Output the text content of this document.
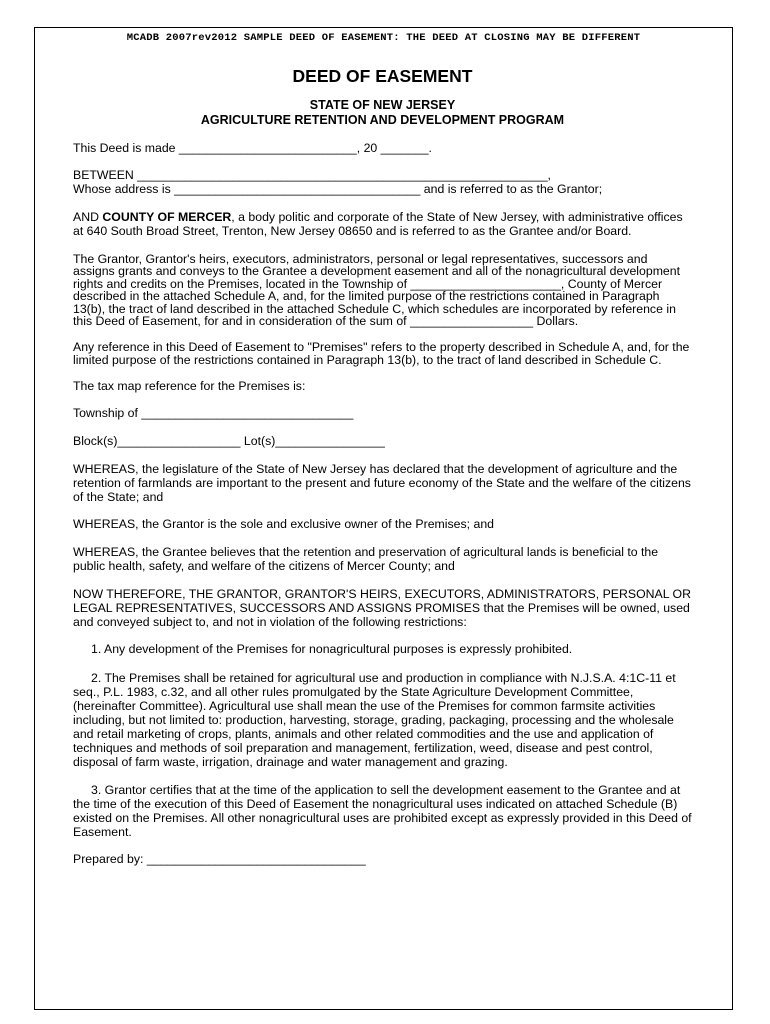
MCADB 2007rev2012 SAMPLE DEED OF EASEMENT: THE DEED AT CLOSING MAY BE DIFFERENT
DEED OF EASEMENT
STATE OF NEW JERSEY
AGRICULTURE RETENTION AND DEVELOPMENT PROGRAM

This Deed is made __________________________, 20 _______.

BETWEEN ____________________________________________________________,

Whose address is ____________________________________ and is referred to as the Grantor;

AND COUNTY OF MERCER, a body politic and corporate of the State of New Jersey, with administrative offices at 640 South Broad Street, Trenton, New Jersey 08650 and is referred to as the Grantee and/or Board.

The Grantor, Grantor's heirs, executors, administrators, personal or legal representatives, successors and assigns grants and conveys to the Grantee a development easement and all of the nonagricultural development rights and credits on the Premises, located in the Township of ______________________, County of Mercer described in the attached Schedule A, and, for the limited purpose of the restrictions contained in Paragraph 13(b), the tract of land described in the attached Schedule C, which schedules are incorporated by reference in this Deed of Easement, for and in consideration of the sum of __________________ Dollars.

Any reference in this Deed of Easement to "Premises" refers to the property described in Schedule A, and, for the limited purpose of the restrictions contained in Paragraph 13(b), to the tract of land described in Schedule C.

The tax map reference for the Premises is:

Township of _______________________________

Block(s)__________________ Lot(s)________________

WHEREAS, the legislature of the State of New Jersey has declared that the development of agriculture and the retention of farmlands are important to the present and future economy of the State and the welfare of the citizens of the State; and

WHEREAS, the Grantor is the sole and exclusive owner of the Premises; and

WHEREAS, the Grantee believes that the retention and preservation of agricultural lands is beneficial to the public health, safety, and welfare of the citizens of Mercer County; and

NOW THEREFORE, THE GRANTOR, GRANTOR'S HEIRS, EXECUTORS, ADMINISTRATORS, PERSONAL OR LEGAL REPRESENTATIVES, SUCCESSORS AND ASSIGNS PROMISES that the Premises will be owned, used and conveyed subject to, and not in violation of the following restrictions:

1. Any development of the Premises for nonagricultural purposes is expressly prohibited.

2. The Premises shall be retained for agricultural use and production in compliance with N.J.S.A. 4:1C-11 et seq., P.L. 1983, c.32, and all other rules promulgated by the State Agriculture Development Committee, (hereinafter Committee). Agricultural use shall mean the use of the Premises for common farmsite activities including, but not limited to: production, harvesting, storage, grading, packaging, processing and the wholesale and retail marketing of crops, plants, animals and other related commodities and the use and application of techniques and methods of soil preparation and management, fertilization, weed, disease and pest control, disposal of farm waste, irrigation, drainage and water management and grazing.

3. Grantor certifies that at the time of the application to sell the development easement to the Grantee and at the time of the execution of this Deed of Easement the nonagricultural uses indicated on attached Schedule (B) existed on the Premises. All other nonagricultural uses are prohibited except as expressly provided in this Deed of Easement.

Prepared by: ________________________________
